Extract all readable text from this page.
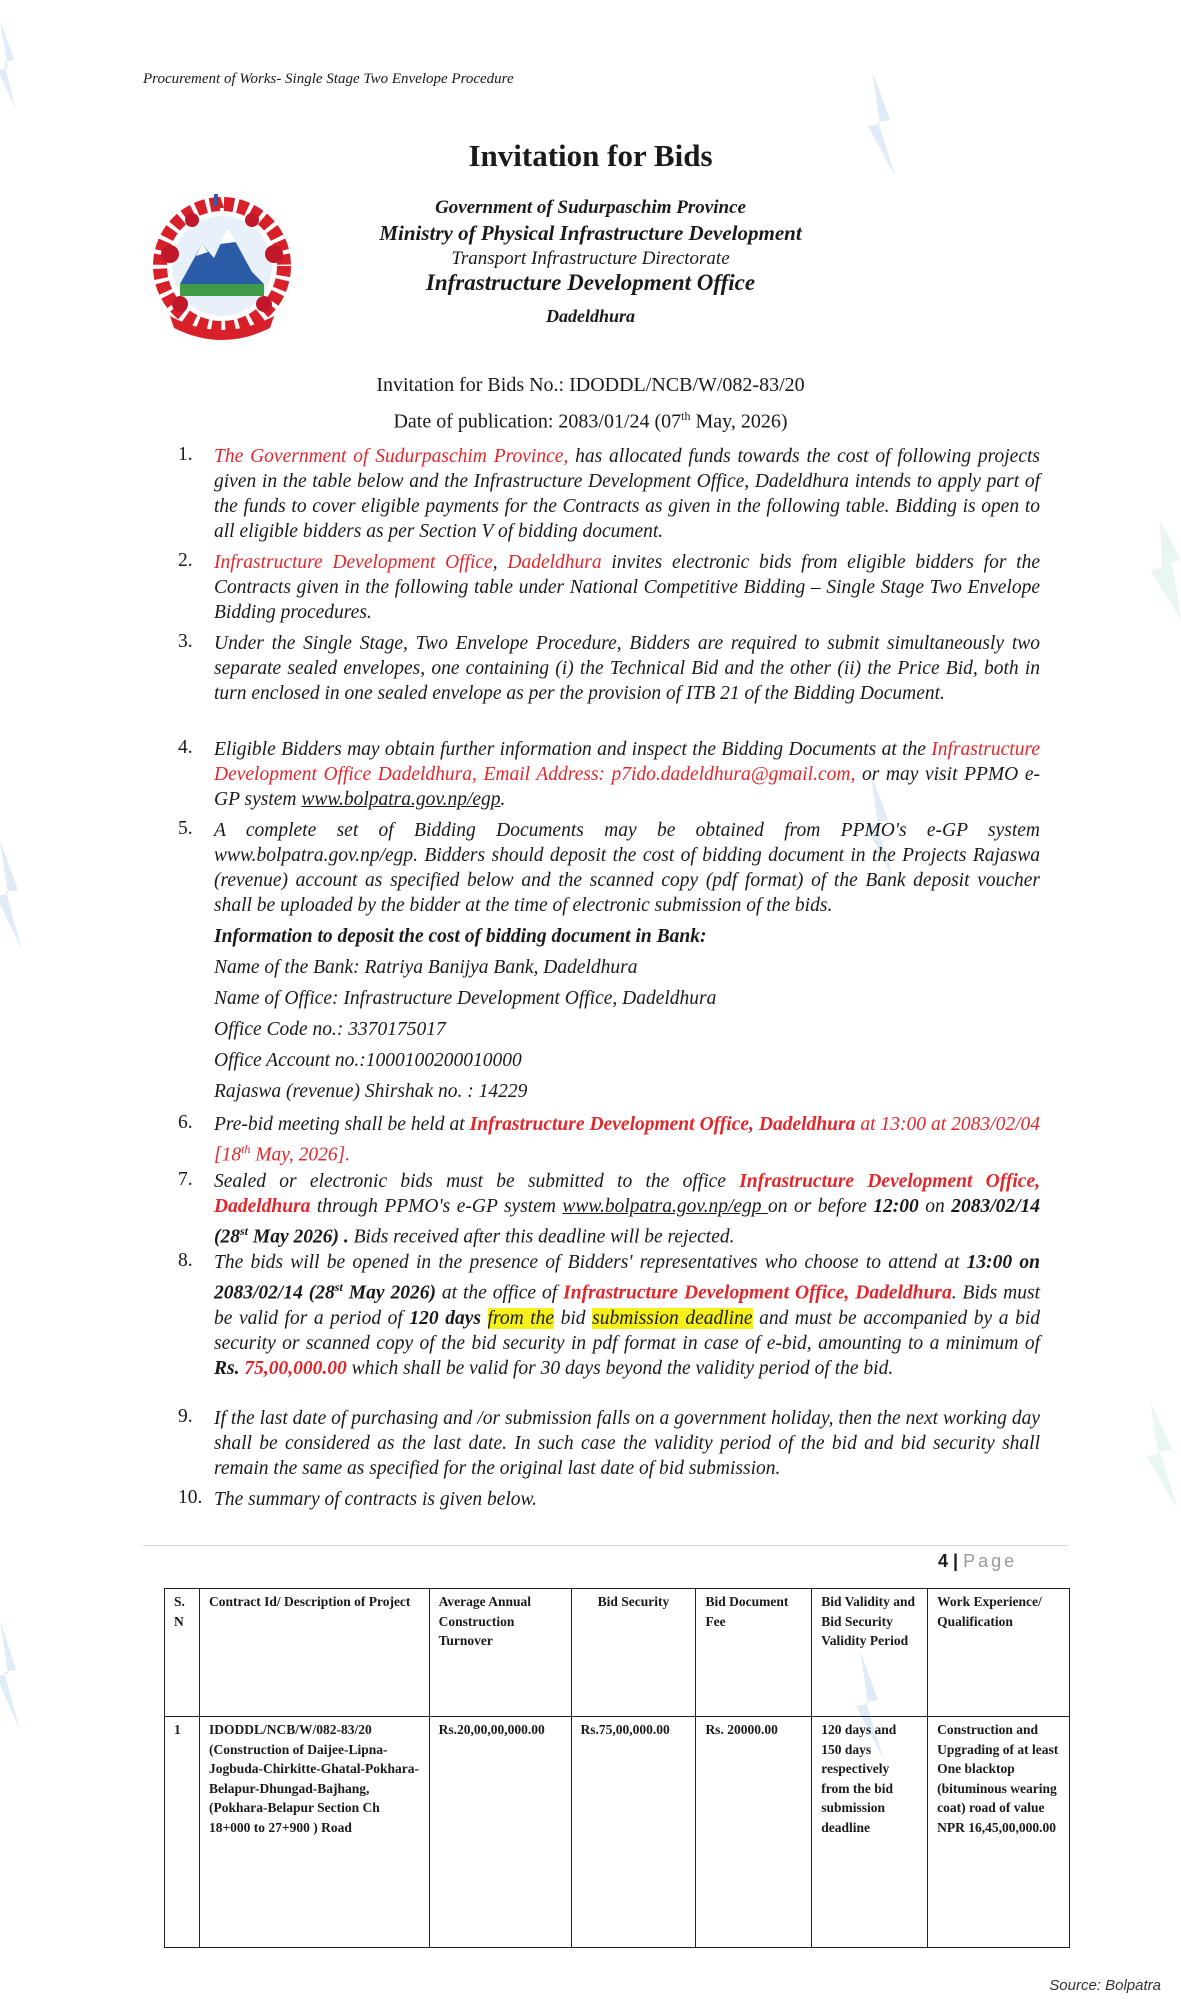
Procurement of Works- Single Stage Two Envelope Procedure
Invitation for Bids
Government of Sudurpaschim Province
Ministry of Physical Infrastructure Development
Transport Infrastructure Directorate
Infrastructure Development Office
Dadeldhura
Invitation for Bids No.: IDODDL/NCB/W/082-83/20
Date of publication: 2083/01/24 (07th May, 2026)
1.	The Government of Sudurpaschim Province, has allocated funds towards the cost of following projects given in the table below and the Infrastructure Development Office, Dadeldhura intends to apply part of the funds to cover eligible payments for the Contracts as given in the following table. Bidding is open to all eligible bidders as per Section V of bidding document.
2.	Infrastructure Development Office, Dadeldhura invites electronic bids from eligible bidders for the Contracts given in the following table under National Competitive Bidding – Single Stage Two Envelope Bidding procedures.
3.	Under the Single Stage, Two Envelope Procedure, Bidders are required to submit simultaneously two separate sealed envelopes, one containing (i) the Technical Bid and the other (ii) the Price Bid, both in turn enclosed in one sealed envelope as per the provision of ITB 21 of the Bidding Document.
4.	Eligible Bidders may obtain further information and inspect the Bidding Documents at the Infrastructure Development Office Dadeldhura, Email Address: p7ido.dadeldhura@gmail.com, or may visit PPMO e-GP system www.bolpatra.gov.np/egp.
5.	A complete set of Bidding Documents may be obtained from PPMO's e-GP system www.bolpatra.gov.np/egp. Bidders should deposit the cost of bidding document in the Projects Rajaswa (revenue) account as specified below and the scanned copy (pdf format) of the Bank deposit voucher shall be uploaded by the bidder at the time of electronic submission of the bids.
Information to deposit the cost of bidding document in Bank:
Name of the Bank: Ratriya Banijya Bank, Dadeldhura
Name of Office: Infrastructure Development Office, Dadeldhura
Office Code no.: 3370175017
Office Account no.:1000100200010000
Rajaswa (revenue) Shirshak no. : 14229
6.	Pre-bid meeting shall be held at Infrastructure Development Office, Dadeldhura at 13:00 at 2083/02/04 [18th May, 2026].
7.	Sealed or electronic bids must be submitted to the office Infrastructure Development Office, Dadeldhura through PPMO's e-GP system www.bolpatra.gov.np/egp on or before 12:00 on 2083/02/14 (28st May 2026) . Bids received after this deadline will be rejected.
8.	The bids will be opened in the presence of Bidders' representatives who choose to attend at 13:00 on 2083/02/14 (28st May 2026) at the office of Infrastructure Development Office, Dadeldhura. Bids must be valid for a period of 120 days from the bid submission deadline and must be accompanied by a bid security or scanned copy of the bid security in pdf format in case of e-bid, amounting to a minimum of Rs. 75,00,000.00 which shall be valid for 30 days beyond the validity period of the bid.
9.	If the last date of purchasing and /or submission falls on a government holiday, then the next working day shall be considered as the last date. In such case the validity period of the bid and bid security shall remain the same as specified for the original last date of bid submission.
10. The summary of contracts is given below.
4 | Page
S. N	Contract Id/ Description of Project	Average Annual Construction Turnover	Bid Security	Bid Document Fee	Bid Validity and Bid Security Validity Period	Work Experience/ Qualification
1	IDODDL/NCB/W/082-83/20 (Construction of Daijee-Lipna-Jogbuda-Chirkitte-Ghatal-Pokhara-Belapur-Dhungad-Bajhang, (Pokhara-Belapur Section Ch 18+000 to 27+900 ) Road	Rs.20,00,00,000.00	Rs.75,00,000.00	Rs. 20000.00	120 days and 150 days respectively from the bid submission deadline	Construction and Upgrading of at least One blacktop (bituminous wearing coat) road of value NPR 16,45,00,000.00
Source: Bolpatra
